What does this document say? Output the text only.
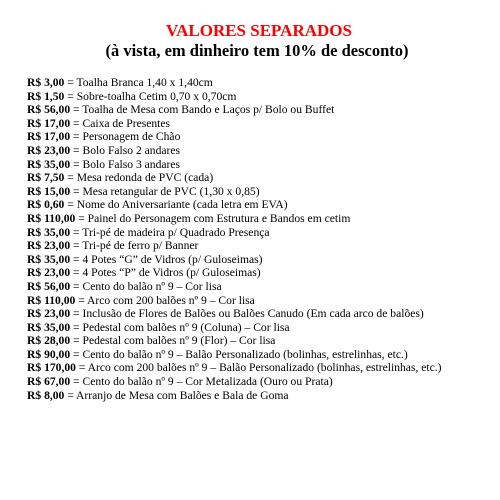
VALORES SEPARADOS
(à vista, em dinheiro tem 10% de desconto)
R$ 3,00 = Toalha Branca 1,40 x 1,40cm
R$ 1,50 = Sobre-toalha Cetim 0,70 x 0,70cm
R$ 56,00 = Toalha de Mesa com Bando e Laços p/ Bolo ou Buffet
R$ 17,00 = Caixa de Presentes
R$ 17,00 = Personagem de Chão
R$ 23,00 = Bolo Falso 2 andares
R$ 35,00 = Bolo Falso 3 andares
R$ 7,50 = Mesa redonda de PVC (cada)
R$ 15,00 = Mesa retangular de PVC (1,30 x 0,85)
R$ 0,60 = Nome do Aniversariante (cada letra em EVA)
R$ 110,00 = Painel do Personagem com Estrutura e Bandos em cetim
R$ 35,00 = Tri-pé de madeira p/ Quadrado Presença
R$ 23,00 = Tri-pé de ferro p/ Banner
R$ 35,00 = 4 Potes “G” de Vidros (p/ Guloseimas)
R$ 23,00 = 4 Potes “P” de Vidros (p/ Guloseimas)
R$ 56,00 = Cento do balão nº 9 – Cor lisa
R$ 110,00 = Arco com 200 balões nº 9 – Cor lisa
R$ 23,00 = Inclusão de Flores de Balões ou Balões Canudo (Em cada arco de balões)
R$ 35,00 = Pedestal com balões nº 9 (Coluna) – Cor lisa
R$ 28,00 = Pedestal com balões nº 9 (Flor) – Cor lisa
R$ 90,00 = Cento do balão nº 9 – Balão Personalizado (bolinhas, estrelinhas, etc.)
R$ 170,00 = Arco com 200 balões nº 9 – Balão Personalizado (bolinhas, estrelinhas, etc.)
R$ 67,00 = Cento do balão nº 9 – Cor Metalizada (Ouro ou Prata)
R$ 8,00 = Arranjo de Mesa com Balões e Bala de Goma
